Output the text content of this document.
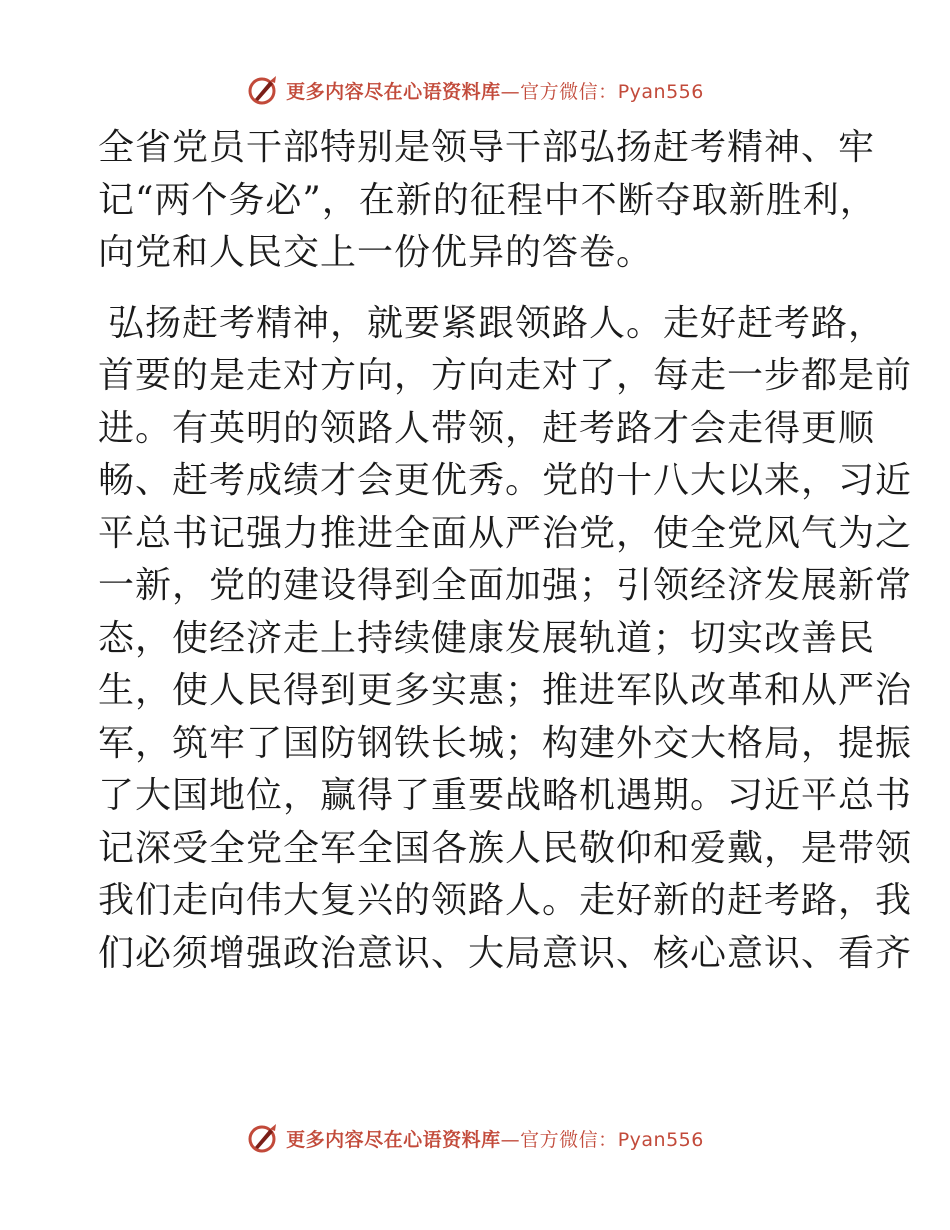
更多内容尽在心语资料库—官方微信：Pyan556

全省党员干部特别是领导干部弘扬赶考精神、牢
记“两个务必”，在新的征程中不断夺取新胜利，
向党和人民交上一份优异的答卷。

弘扬赶考精神，就要紧跟领路人。走好赶考路，
首要的是走对方向，方向走对了，每走一步都是前
进。有英明的领路人带领，赶考路才会走得更顺
畅、赶考成绩才会更优秀。党的十八大以来，习近
平总书记强力推进全面从严治党，使全党风气为之
一新，党的建设得到全面加强；引领经济发展新常
态，使经济走上持续健康发展轨道；切实改善民
生，使人民得到更多实惠；推进军队改革和从严治
军，筑牢了国防钢铁长城；构建外交大格局，提振
了大国地位，赢得了重要战略机遇期。习近平总书
记深受全党全军全国各族人民敬仰和爱戴，是带领
我们走向伟大复兴的领路人。走好新的赶考路，我
们必须增强政治意识、大局意识、核心意识、看齐

更多内容尽在心语资料库—官方微信：Pyan556
